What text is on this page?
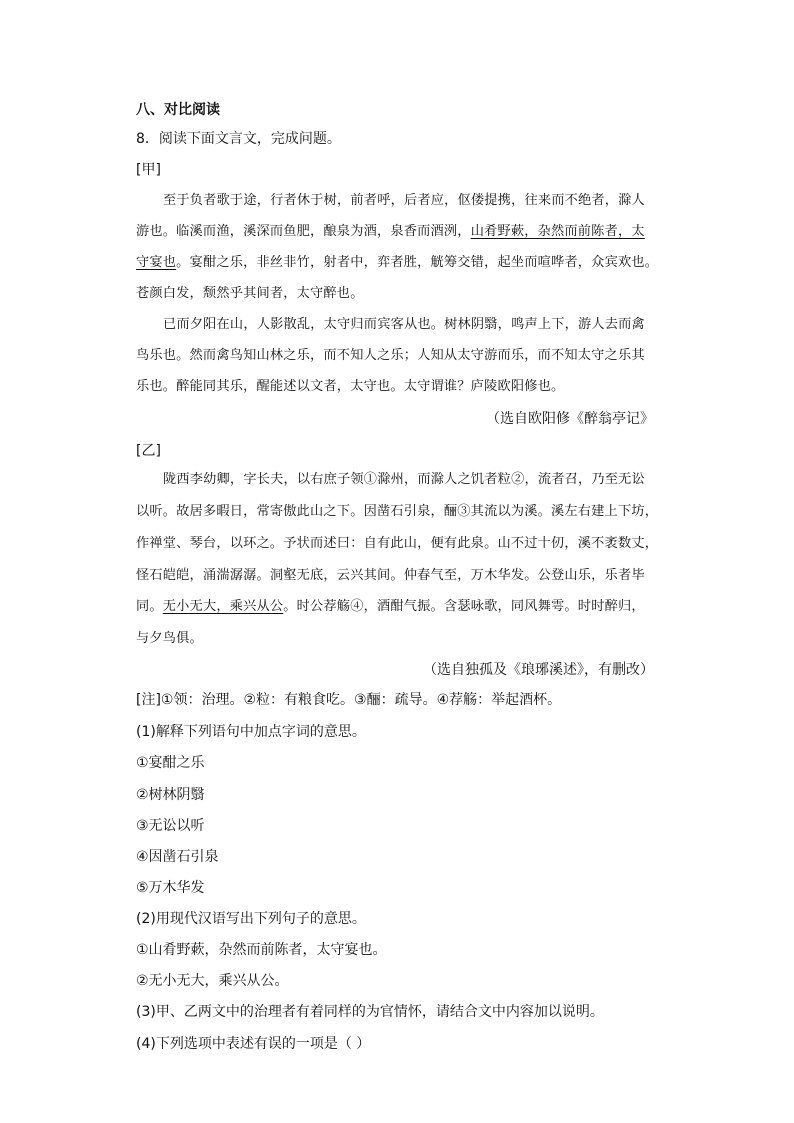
八、对比阅读
8．阅读下面文言文，完成问题。
[甲]
至于负者歌于途，行者休于树，前者呼，后者应，伛偻提携，往来而不绝者，滁人
游也。临溪而渔，溪深而鱼肥，酿泉为酒，泉香而酒洌，山肴野蔌，杂然而前陈者，太
守宴也。宴酣之乐，非丝非竹，射者中，弈者胜，觥筹交错，起坐而喧哗者，众宾欢也。
苍颜白发，颓然乎其间者，太守醉也。
已而夕阳在山，人影散乱，太守归而宾客从也。树林阴翳，鸣声上下，游人去而禽
鸟乐也。然而禽鸟知山林之乐，而不知人之乐；人知从太守游而乐，而不知太守之乐其
乐也。醉能同其乐，醒能述以文者，太守也。太守谓谁？庐陵欧阳修也。
（选自欧阳修《醉翁亭记》
[乙]
陇西李幼卿，字长夫，以右庶子领①滁州，而滁人之饥者粒②，流者召，乃至无讼
以听。故居多暇日，常寄傲此山之下。因凿石引泉，酾③其流以为溪。溪左右建上下坊，
作禅堂、琴台，以环之。予状而述曰：自有此山，便有此泉。山不过十仞，溪不袤数丈，
怪石皑皑，涌湍潺潺。洞壑无底，云兴其间。仲春气至，万木华发。公登山乐，乐者毕
同。无小无大，乘兴从公。时公荐觞④，酒酣气振。含瑟咏歌，同风舞雩。时时醉归，
与夕鸟俱。
（选自独孤及《琅琊溪述》，有删改）
[注]①领：治理。②粒：有粮食吃。③酾：疏导。④荐觞：举起酒杯。
(1)解释下列语句中加点字词的意思。
①宴酣之乐
②树林阴翳
③无讼以听
④因凿石引泉
⑤万木华发
(2)用现代汉语写出下列句子的意思。
①山肴野蔌，杂然而前陈者，太守宴也。
②无小无大，乘兴从公。
(3)甲、乙两文中的治理者有着同样的为官情怀，请结合文中内容加以说明。
(4)下列选项中表述有误的一项是（ ）
